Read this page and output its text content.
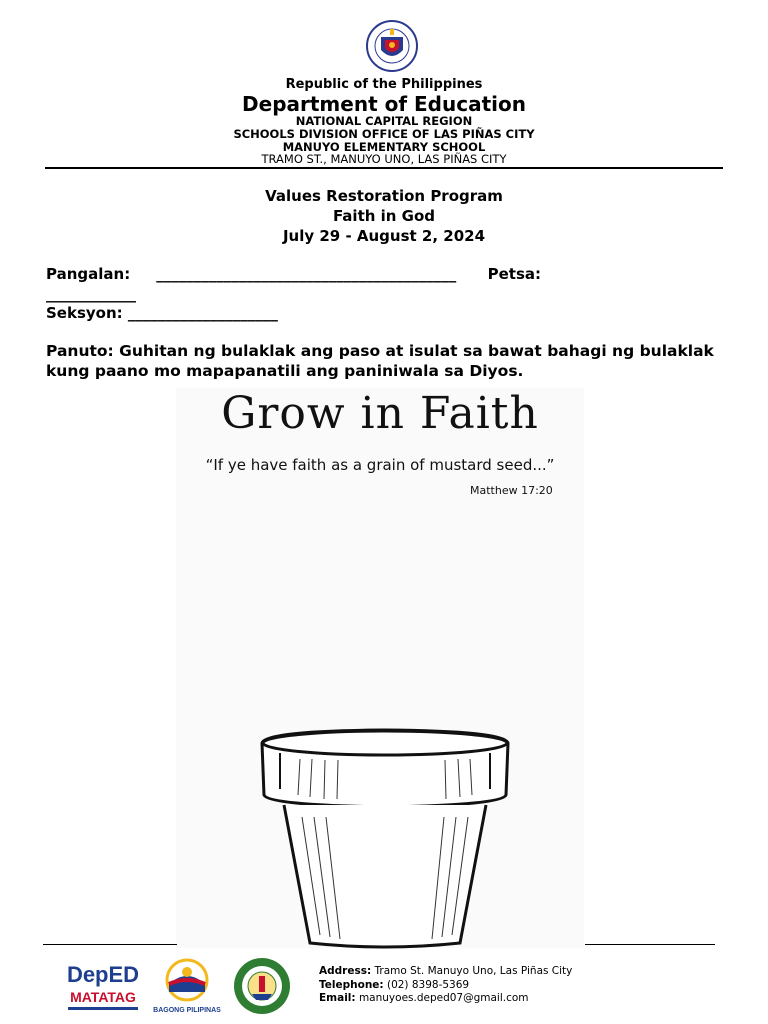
Republic of the Philippines
Department of Education
NATIONAL CAPITAL REGION
SCHOOLS DIVISION OFFICE OF LAS PIÑAS CITY
MANUYO ELEMENTARY SCHOOL
TRAMO ST., MANUYO UNO, LAS PIÑAS CITY
Values Restoration Program
Faith in God
July 29 - August 2, 2024
Pangalan:     ________________________________________      Petsa:
____________
Seksyon: ____________________
Panuto: Guhitan ng bulaklak ang paso at isulat sa bawat bahagi ng bulaklak kung paano mo mapapanatili ang paniniwala sa Diyos.
Grow in Faith
“If ye have faith as a grain of mustard seed...”
Matthew 17:20
DepED
MATATAG
BAGONG PILIPINAS
Address: Tramo St. Manuyo Uno, Las Piñas City
Telephone: (02) 8398-5369
Email: manuyoes.deped07@gmail.com
